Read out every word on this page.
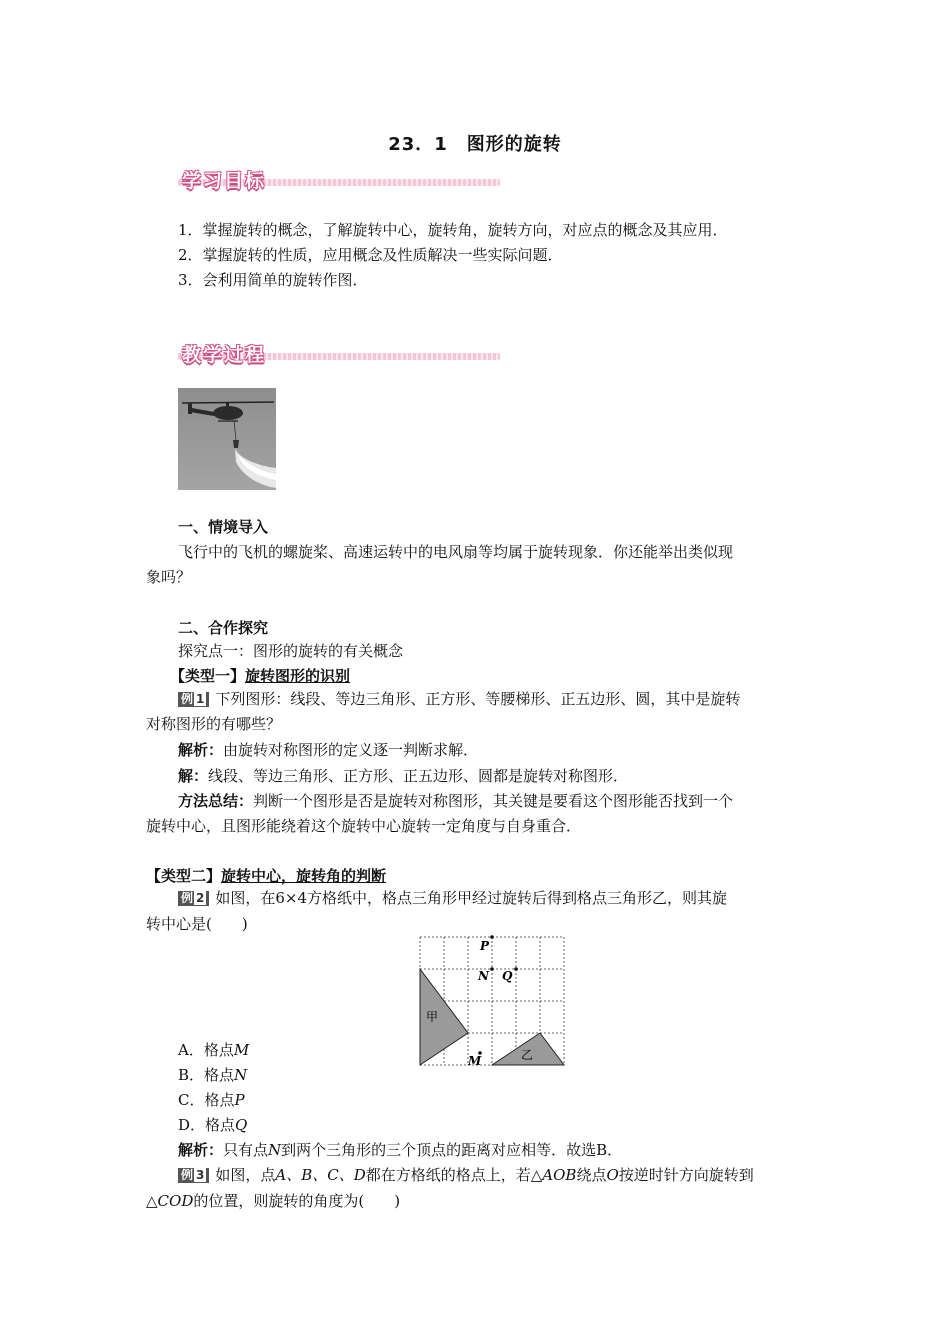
23．1　图形的旋转
学习目标
1．掌握旋转的概念，了解旋转中心，旋转角，旋转方向，对应点的概念及其应用．
2．掌握旋转的性质，应用概念及性质解决一些实际问题．
3．会利用简单的旋转作图．
教学过程
一、情境导入
飞行中的飞机的螺旋桨、高速运转中的电风扇等均属于旋转现象．你还能举出类似现
象吗？
二、合作探究
探究点一：图形的旋转的有关概念
【类型一】旋转图形的识别
例 1 下列图形：线段、等边三角形、正方形、等腰梯形、正五边形、圆，其中是旋转
对称图形的有哪些？
解析：由旋转对称图形的定义逐一判断求解．
解：线段、等边三角形、正方形、正五边形、圆都是旋转对称图形．
方法总结：判断一个图形是否是旋转对称图形，其关键是要看这个图形能否找到一个
旋转中心，且图形能绕着这个旋转中心旋转一定角度与自身重合．
【类型二】旋转中心，旋转角的判断
例 2 如图，在6×4方格纸中，格点三角形甲经过旋转后得到格点三角形乙，则其旋
转中心是(　　)
P
N Q
M
甲
乙
A．格点M
B．格点N
C．格点P
D．格点Q
解析：只有点N到两个三角形的三个顶点的距离对应相等．故选B．
例 3 如图，点A、B、C、D都在方格纸的格点上，若△AOB绕点O按逆时针方向旋转到
△COD的位置，则旋转的角度为(　　)
